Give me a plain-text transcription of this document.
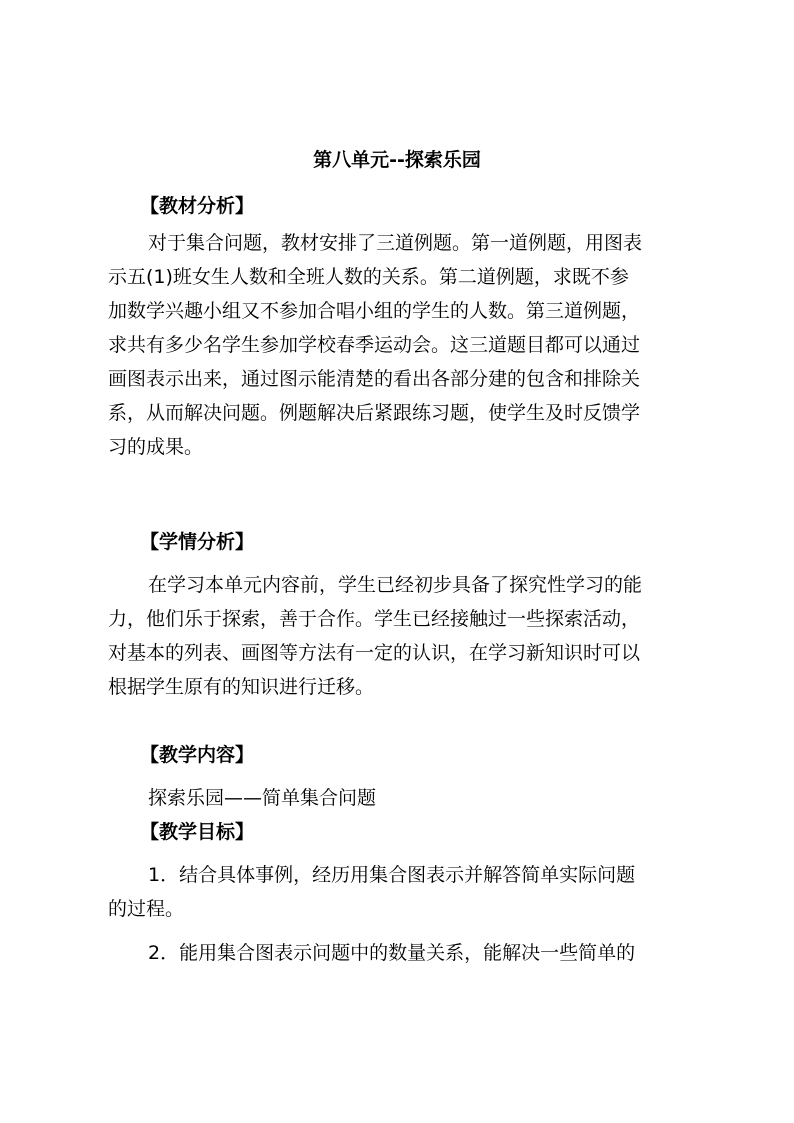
第八单元--探索乐园
【教材分析】
对于集合问题，教材安排了三道例题。第一道例题，用图表
示五(1)班女生人数和全班人数的关系。第二道例题，求既不参
加数学兴趣小组又不参加合唱小组的学生的人数。第三道例题，
求共有多少名学生参加学校春季运动会。这三道题目都可以通过
画图表示出来，通过图示能清楚的看出各部分建的包含和排除关
系，从而解决问题。例题解决后紧跟练习题，使学生及时反馈学
习的成果。
【学情分析】
在学习本单元内容前，学生已经初步具备了探究性学习的能
力，他们乐于探索，善于合作。学生已经接触过一些探索活动，
对基本的列表、画图等方法有一定的认识，在学习新知识时可以
根据学生原有的知识进行迁移。
【教学内容】
探索乐园——简单集合问题
【教学目标】
1．结合具体事例，经历用集合图表示并解答简单实际问题
的过程。
2．能用集合图表示问题中的数量关系，能解决一些简单的
